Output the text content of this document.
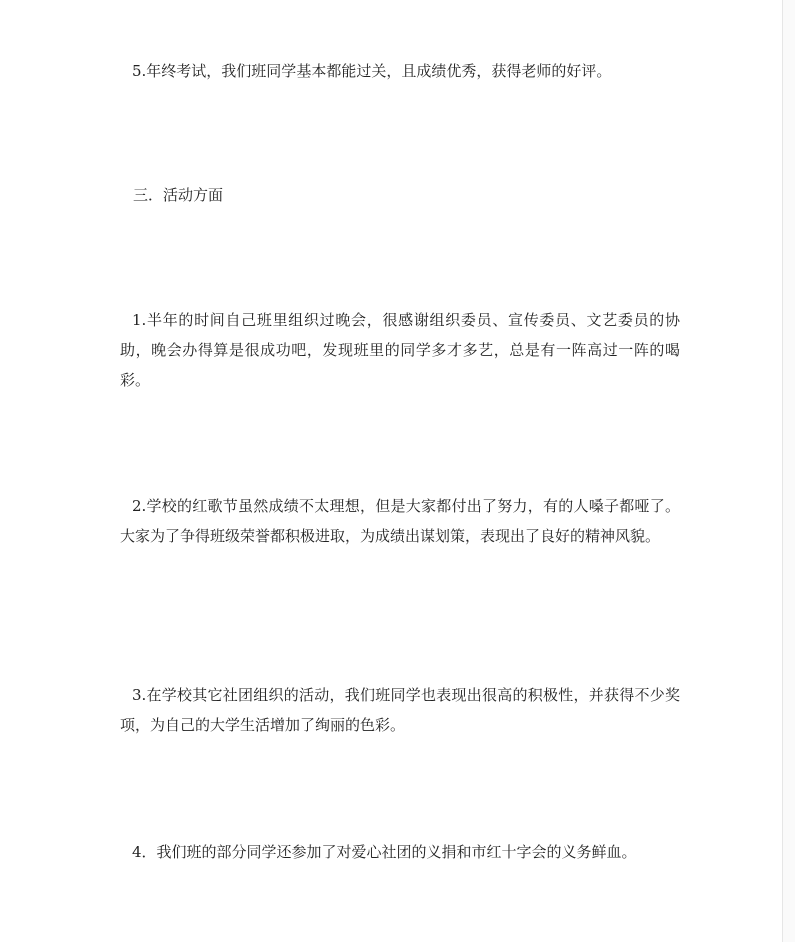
5.年终考试，我们班同学基本都能过关，且成绩优秀，获得老师的好评。

三．活动方面

1.半年的时间自己班里组织过晚会，很感谢组织委员、宣传委员、文艺委员的协助，晚会办得算是很成功吧，发现班里的同学多才多艺，总是有一阵高过一阵的喝彩。

2.学校的红歌节虽然成绩不太理想，但是大家都付出了努力，有的人嗓子都哑了。大家为了争得班级荣誉都积极进取，为成绩出谋划策，表现出了良好的精神风貌。

3.在学校其它社团组织的活动，我们班同学也表现出很高的积极性，并获得不少奖项，为自己的大学生活增加了绚丽的色彩。

4．我们班的部分同学还参加了对爱心社团的义捐和市红十字会的义务鲜血。
